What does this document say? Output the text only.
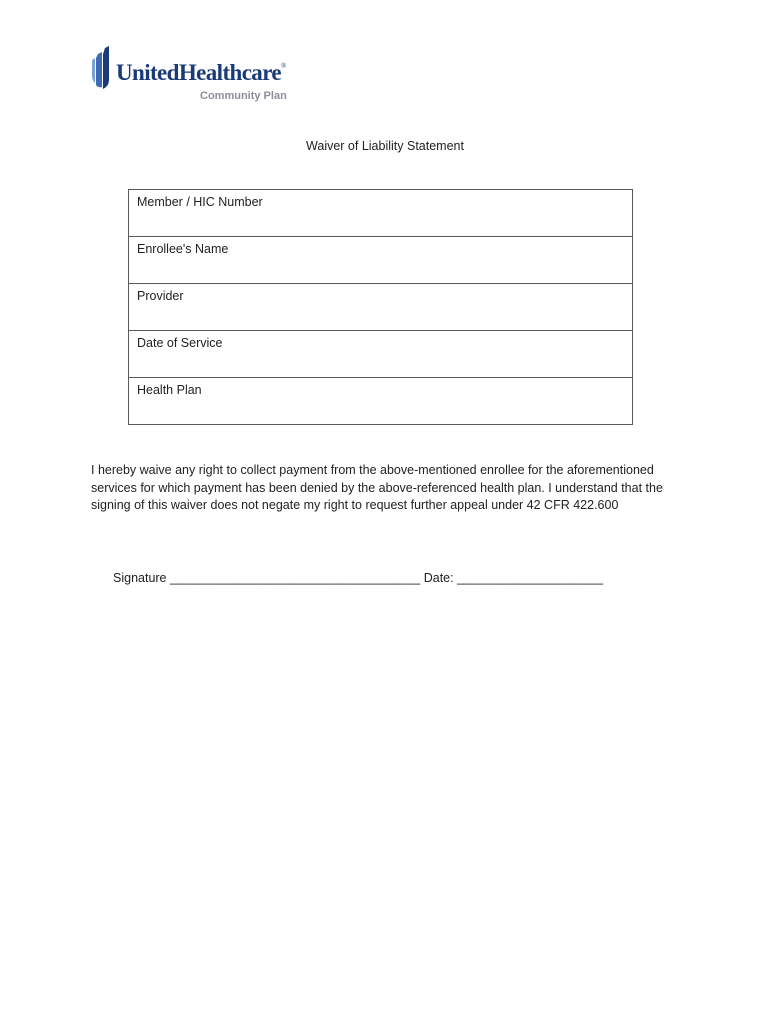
UnitedHealthcare®
Community Plan
Waiver of Liability Statement
Member / HIC Number
Enrollee's Name
Provider
Date of Service
Health Plan
I hereby waive any right to collect payment from the above-mentioned enrollee for the aforementioned services for which payment has been denied by the above-referenced health plan. I understand that the signing of this waiver does not negate my right to request further appeal under 42 CFR 422.600
Signature ____________________________________ Date: _____________________
